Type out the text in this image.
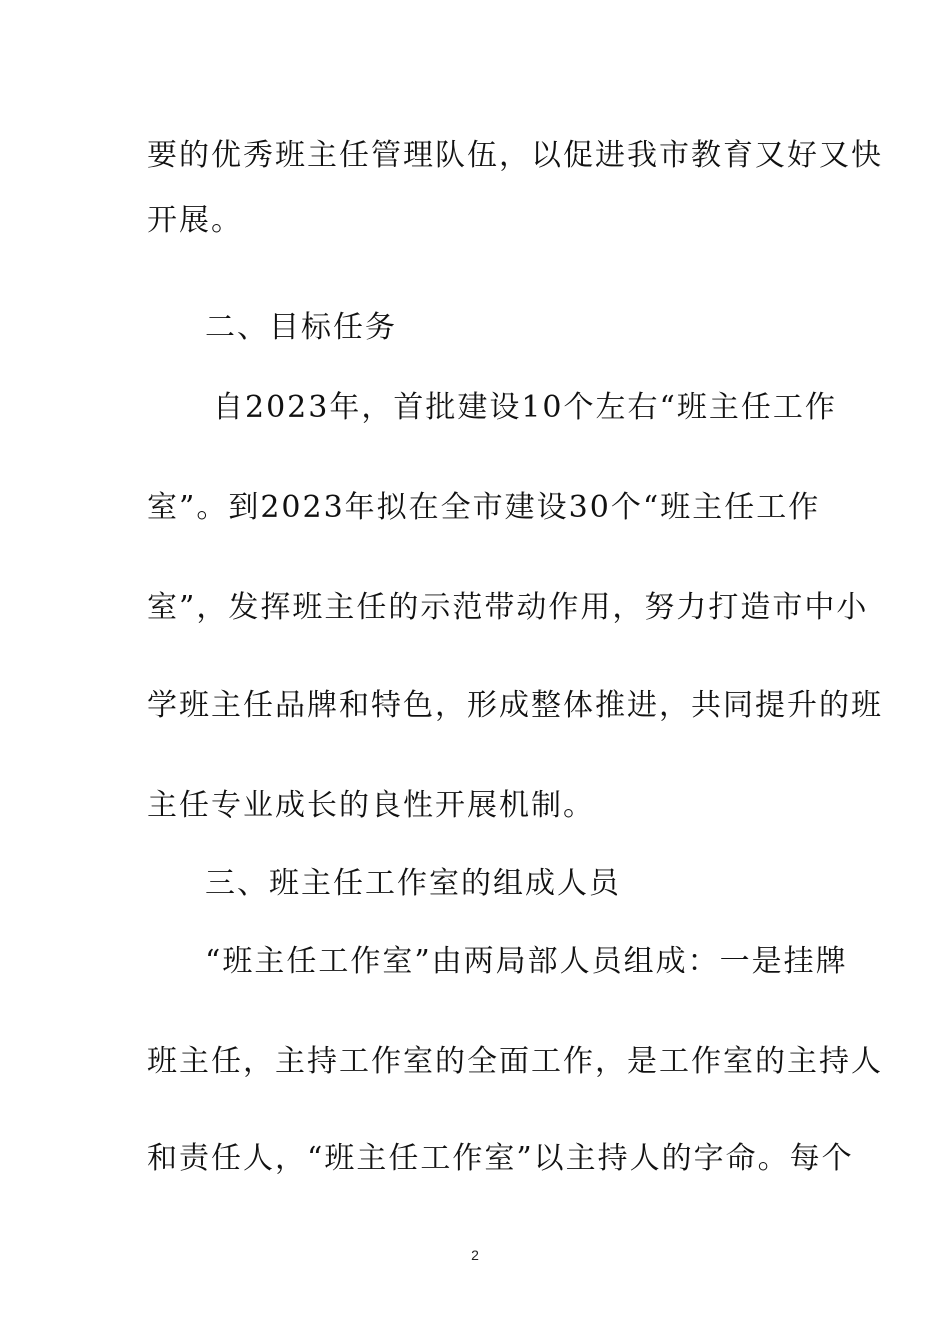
要的优秀班主任管理队伍，以促进我市教育又好又快
开展。
二、目标任务
自2023年，首批建设10个左右“班主任工作
室”。到2023年拟在全市建设30个“班主任工作
室”，发挥班主任的示范带动作用，努力打造市中小
学班主任品牌和特色，形成整体推进，共同提升的班
主任专业成长的良性开展机制。
三、班主任工作室的组成人员
“班主任工作室”由两局部人员组成：一是挂牌
班主任，主持工作室的全面工作，是工作室的主持人
和责任人，“班主任工作室”以主持人的字命。每个
2
